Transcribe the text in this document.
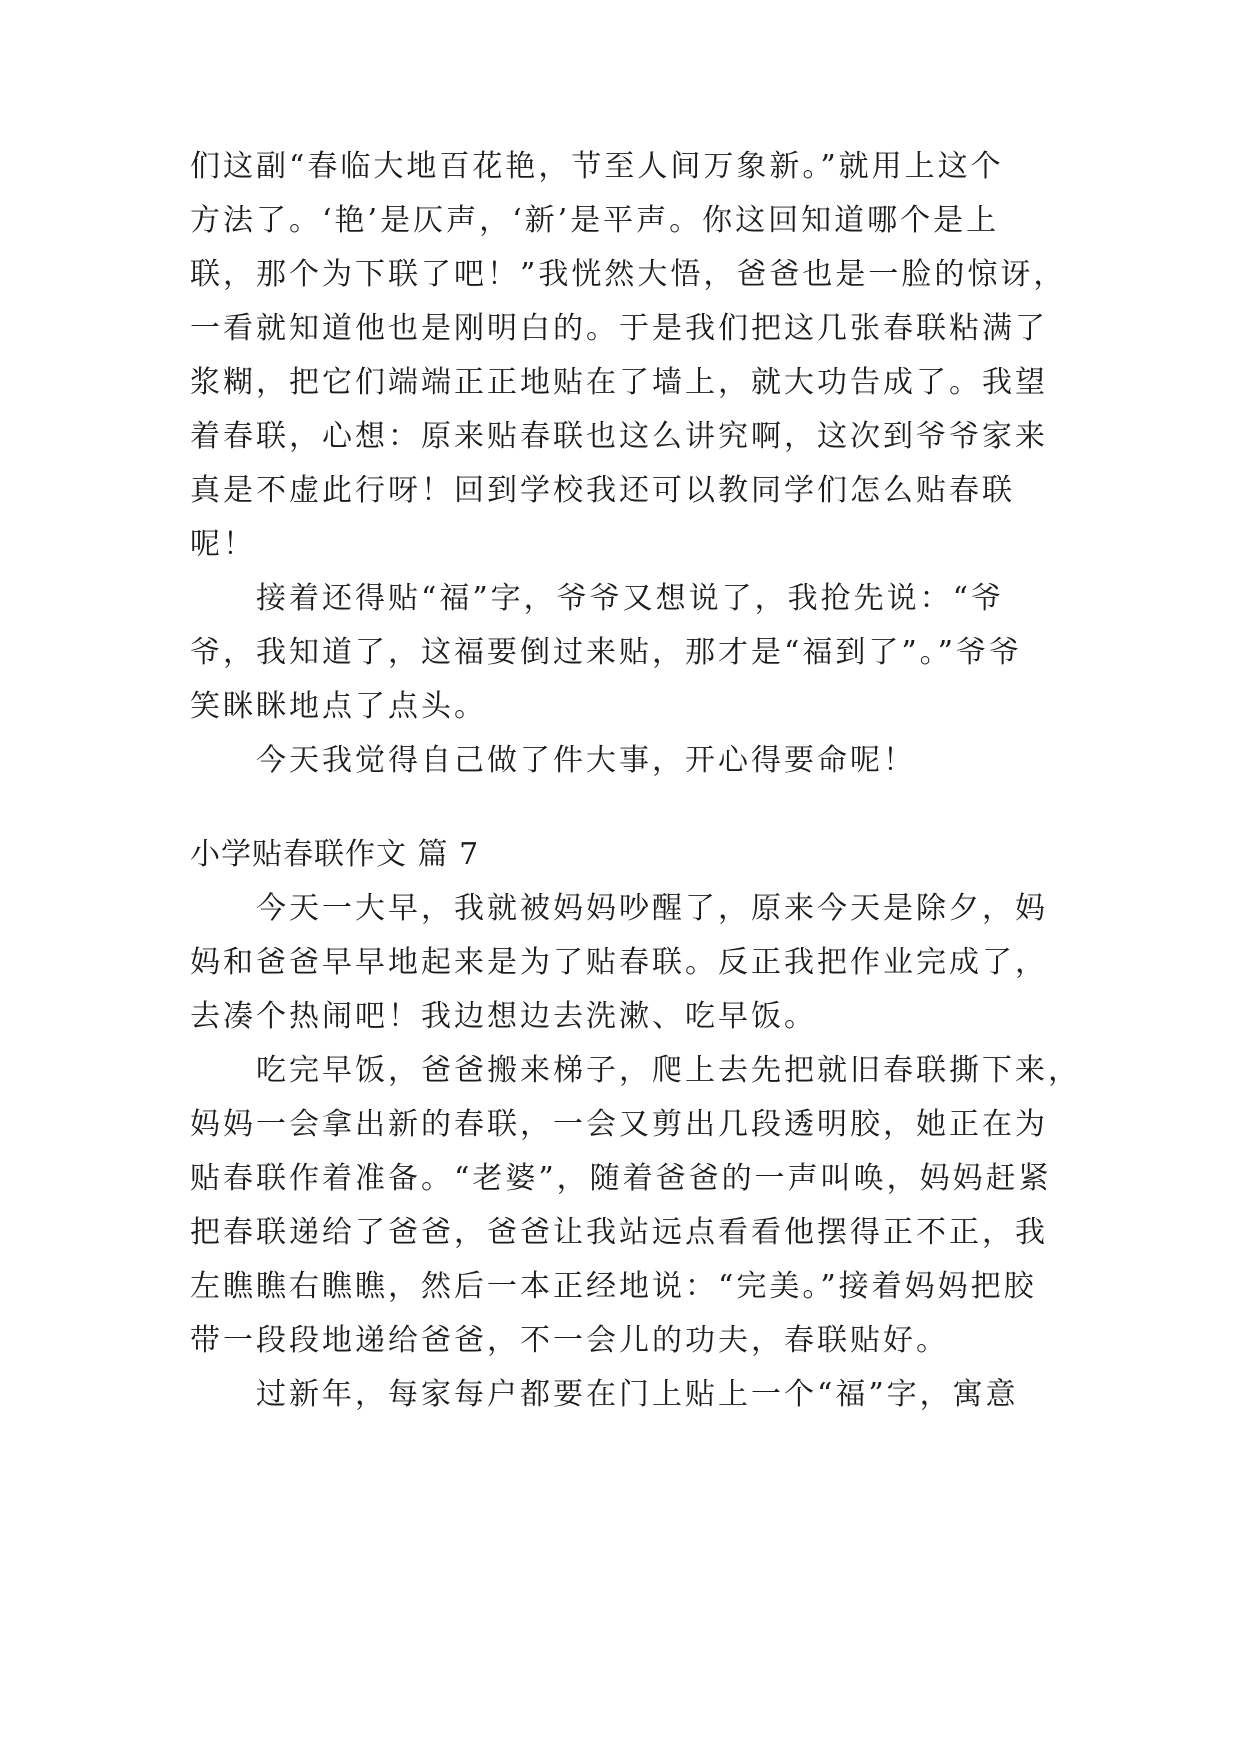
们这副“春临大地百花艳，节至人间万象新。”就用上这个
方法了。‘艳’是仄声，‘新’是平声。你这回知道哪个是上
联，那个为下联了吧！”我恍然大悟，爸爸也是一脸的惊讶，
一看就知道他也是刚明白的。于是我们把这几张春联粘满了
浆糊，把它们端端正正地贴在了墙上，就大功告成了。我望
着春联，心想：原来贴春联也这么讲究啊，这次到爷爷家来
真是不虚此行呀！回到学校我还可以教同学们怎么贴春联
呢！
接着还得贴“福”字，爷爷又想说了，我抢先说：“爷
爷，我知道了，这福要倒过来贴，那才是“福到了”。”爷爷
笑眯眯地点了点头。
今天我觉得自己做了件大事，开心得要命呢！
小学贴春联作文 篇 7
今天一大早，我就被妈妈吵醒了，原来今天是除夕，妈
妈和爸爸早早地起来是为了贴春联。反正我把作业完成了，
去凑个热闹吧！我边想边去洗漱、吃早饭。
吃完早饭，爸爸搬来梯子，爬上去先把就旧春联撕下来，
妈妈一会拿出新的春联，一会又剪出几段透明胶，她正在为
贴春联作着准备。“老婆”，随着爸爸的一声叫唤，妈妈赶紧
把春联递给了爸爸，爸爸让我站远点看看他摆得正不正，我
左瞧瞧右瞧瞧，然后一本正经地说：“完美。”接着妈妈把胶
带一段段地递给爸爸，不一会儿的功夫，春联贴好。
过新年，每家每户都要在门上贴上一个“福”字，寓意
